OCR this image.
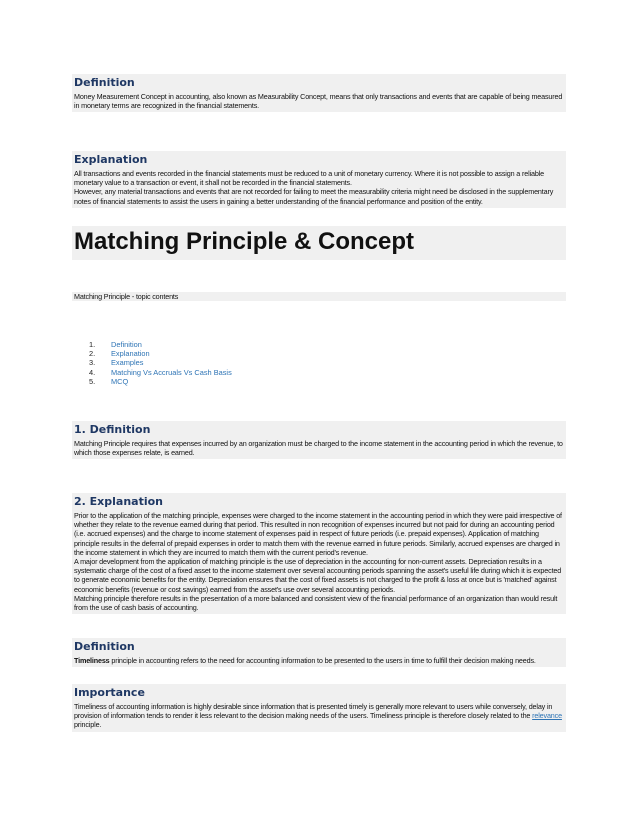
Definition
Money Measurement Concept in accounting, also known as Measurability Concept, means that only transactions and events that are capable of being measured in monetary terms are recognized in the financial statements.
Explanation

All transactions and events recorded in the financial statements must be reduced to a unit of monetary currency. Where it is not possible to assign a reliable monetary value to a transaction or event, it shall not be recorded in the financial statements.

However, any material transactions and events that are not recorded for failing to meet the measurability criteria might need be disclosed in the supplementary notes of financial statements to assist the users in gaining a better understanding of the financial performance and position of the entity.

Matching Principle & Concept
Matching Principle - topic contents
1.	Definition
2.	Explanation
3.	Examples
4.	Matching Vs Accruals Vs Cash Basis
5.	MCQ
1. Definition
Matching Principle requires that expenses incurred by an organization must be charged to the income statement in the accounting period in which the revenue, to which those expenses relate, is earned.
2. Explanation

Prior to the application of the matching principle, expenses were charged to the income statement in the accounting period in which they were paid irrespective of whether they relate to the revenue earned during that period. This resulted in non recognition of expenses incurred but not paid for during an accounting period (i.e. accrued expenses) and the charge to income statement of expenses paid in respect of future periods (i.e. prepaid expenses). Application of matching principle results in the deferral of prepaid expenses in order to match them with the revenue earned in future periods. Similarly, accrued expenses are charged in the income statement in which they are incurred to match them with the current period's revenue.

A major development from the application of matching principle is the use of depreciation in the accounting for non-current assets. Depreciation results in a systematic charge of the cost of a fixed asset to the income statement over several accounting periods spanning the asset's useful life during which it is expected to generate economic benefits for the entity. Depreciation ensures that the cost of fixed assets is not charged to the profit & loss at once but is 'matched' against economic benefits (revenue or cost savings) earned from the asset's use over several accounting periods.

Matching principle therefore results in the presentation of a more balanced and consistent view of the financial performance of an organization than would result from the use of cash basis of accounting.

Definition
Timeliness principle in accounting refers to the need for accounting information to be presented to the users in time to fulfill their decision making needs.
Importance
Timeliness of accounting information is highly desirable since information that is presented timely is generally more relevant to users while conversely, delay in provision of information tends to render it less relevant to the decision making needs of the users. Timeliness principle is therefore closely related to the relevance principle.
